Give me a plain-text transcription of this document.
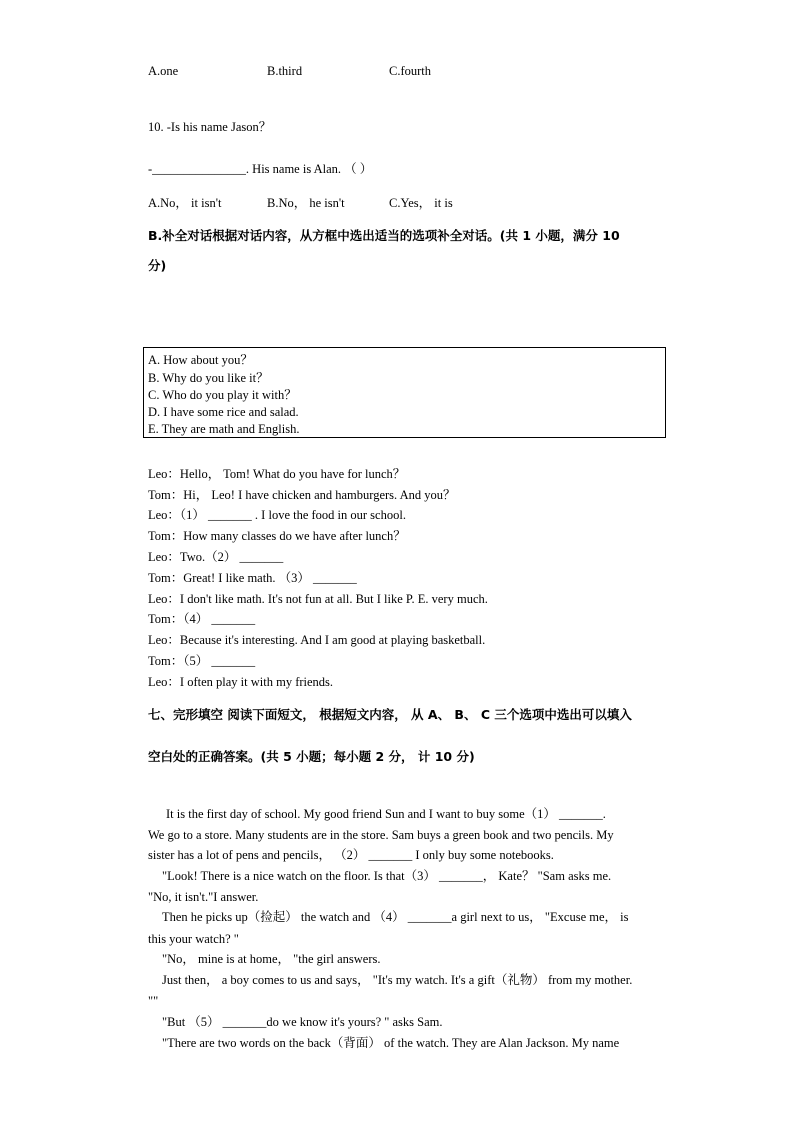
A.one	B.third	C.fourth
10. -Is his name Jason？
-_______________. His name is Alan. （ ）
A.No， it isn't	B.No， he isn't	C.Yes， it is
B.补全对话根据对话内容，从方框中选出适当的选项补全对话。(共 1 小题，满分 10
分)
A. How about you？
B. Why do you like it？
C. Who do you play it with？
D. I have some rice and salad.
E. They are math and English.
Leo：Hello， Tom! What do you have for lunch？
Tom：Hi， Leo! I have chicken and hamburgers. And you？
Leo：（1） _______ . I love the food in our school.
Tom：How many classes do we have after lunch？
Leo：Two.（2） _______
Tom：Great! I like math. （3） _______
Leo：I don't like math. It's not fun at all. But I like P. E. very much.
Tom：（4） _______
Leo：Because it's interesting. And I am good at playing basketball.
Tom：（5） _______
Leo：I often play it with my friends.
七、完形填空 阅读下面短文， 根据短文内容， 从 A、 B、 C 三个选项中选出可以填入
空白处的正确答案。(共 5 小题；每小题 2 分， 计 10 分)
It is the first day of school. My good friend Sun and I want to buy some（1） _______.
We go to a store. Many students are in the store. Sam buys a green book and two pencils. My
sister has a lot of pens and pencils， （2） _______ I only buy some notebooks.
"Look! There is a nice watch on the floor. Is that（3） _______， Kate？ "Sam asks me.
"No, it isn't."I answer.
Then he picks up（捡起） the watch and （4） _______a girl next to us， "Excuse me， is
this your watch? "
"No， mine is at home， "the girl answers.
Just then， a boy comes to us and says， "It's my watch. It's a gift（礼物） from my mother.
""
"But （5） _______do we know it's yours? " asks Sam.
"There are two words on the back（背面） of the watch. They are Alan Jackson. My name
